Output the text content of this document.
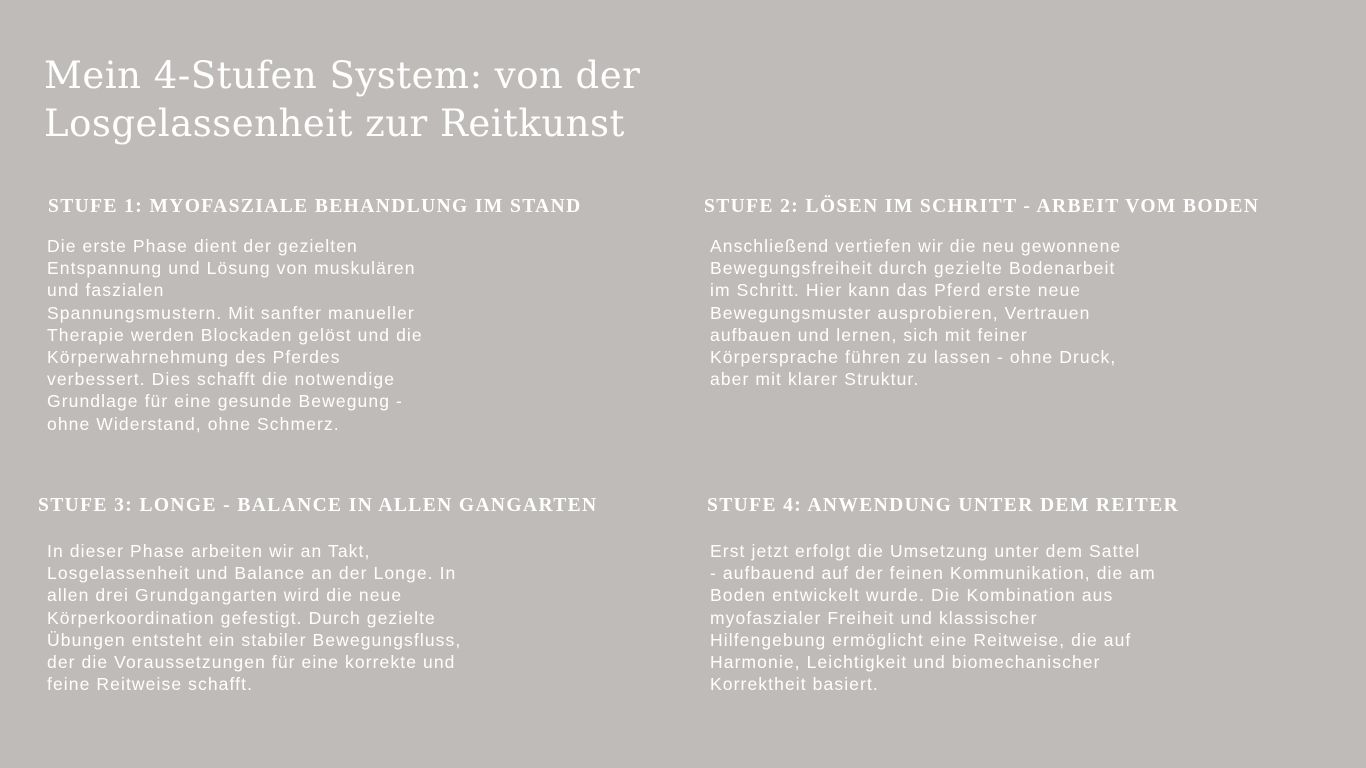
Mein 4-Stufen System: von der
Losgelassenheit zur Reitkunst
STUFE 1: MYOFASZIALE BEHANDLUNG IM STAND
Die erste Phase dient der gezielten
Entspannung und Lösung von muskulären
und faszialen
Spannungsmustern. Mit sanfter manueller
Therapie werden Blockaden gelöst und die
Körperwahrnehmung des Pferdes
verbessert. Dies schafft die notwendige
Grundlage für eine gesunde Bewegung -
ohne Widerstand, ohne Schmerz.
STUFE 2: LÖSEN IM SCHRITT - ARBEIT VOM BODEN
Anschließend vertiefen wir die neu gewonnene
Bewegungsfreiheit durch gezielte Bodenarbeit
im Schritt. Hier kann das Pferd erste neue
Bewegungsmuster ausprobieren, Vertrauen
aufbauen und lernen, sich mit feiner
Körpersprache führen zu lassen - ohne Druck,
aber mit klarer Struktur.
STUFE 3: LONGE - BALANCE IN ALLEN GANGARTEN
In dieser Phase arbeiten wir an Takt,
Losgelassenheit und Balance an der Longe. In
allen drei Grundgangarten wird die neue
Körperkoordination gefestigt. Durch gezielte
Übungen entsteht ein stabiler Bewegungsfluss,
der die Voraussetzungen für eine korrekte und
feine Reitweise schafft.
STUFE 4: ANWENDUNG UNTER DEM REITER
Erst jetzt erfolgt die Umsetzung unter dem Sattel
- aufbauend auf der feinen Kommunikation, die am
Boden entwickelt wurde. Die Kombination aus
myofaszialer Freiheit und klassischer
Hilfengebung ermöglicht eine Reitweise, die auf
Harmonie, Leichtigkeit und biomechanischer
Korrektheit basiert.
